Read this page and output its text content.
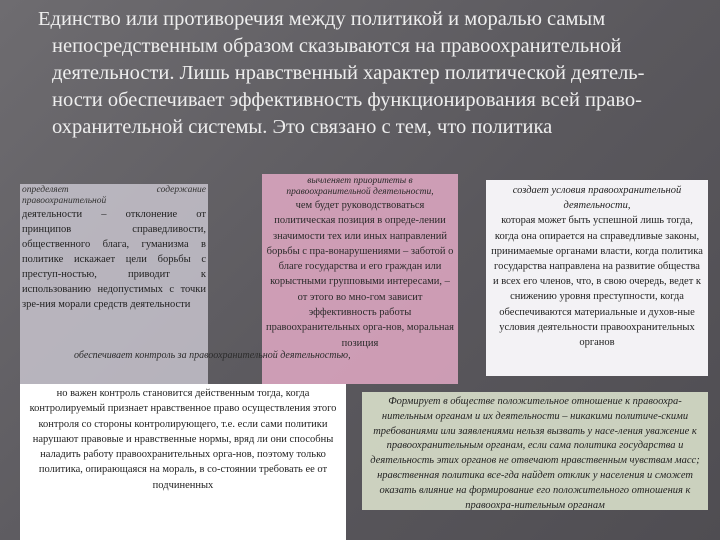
Единство или противоречия между политикой и моралью самым непосредственным образом сказываются на правоохранительной деятельности. Лишь нравственный характер политической деятель-ности обеспечивает эффективность функционирования всей право-охранительной системы. Это связано с тем, что политика

определяет содержание правоохранительной

деятельности – отклонение от принципов справедливости, общественного блага, гуманизма в политике искажает цели борьбы с преступ-ностью, приводит к использованию недопустимых с точки зре-ния морали средств деятельности

вычленяет приоритеты в правоохранительной деятельности,

чем будет руководствоваться политическая позиция в опреде-лении значимости тех или иных направлений борьбы с пра-вонарушениями – заботой о благе государства и его граждан или корыстными групповыми интересами, – от этого во мно-гом зависит эффективность работы правоохранительных орга-нов, моральная позиция

создает условия правоохранительной деятельности,

которая может быть успешной лишь тогда, когда она опирается на справедливые законы, принимаемые органами власти, когда политика государства направлена на развитие общества и всех его членов, что, в свою очередь, ведет к снижению уровня преступности, когда обеспечиваются материальные и духов-ные условия деятельности правоохранительных органов

обеспечивает контроль за правоохранительной деятельностью,

но важен контроль становится действенным тогда, когда контролируемый признает нравственное право осуществления этого контроля со стороны контролирующего, т.е. если сами политики нарушают правовые и нравственные нормы, вряд ли они способны наладить работу правоохранительных орга-нов, поэтому только политика, опирающаяся на мораль, в со-стоянии требовать ее от подчиненных

Формирует в обществе положительное отношение к правоохра-нительным органам и их деятельности – никакими политиче-скими требованиями или заявлениями нельзя вызвать у насе-ления уважение к правоохранительным органам, если сама политика государства и деятельность этих органов не отвечают нравственным чувствам масс; нравственная политика все-гда найдет отклик у населения и сможет оказать влияние на формирование его положительного отношения к правоохра-нительным органам
